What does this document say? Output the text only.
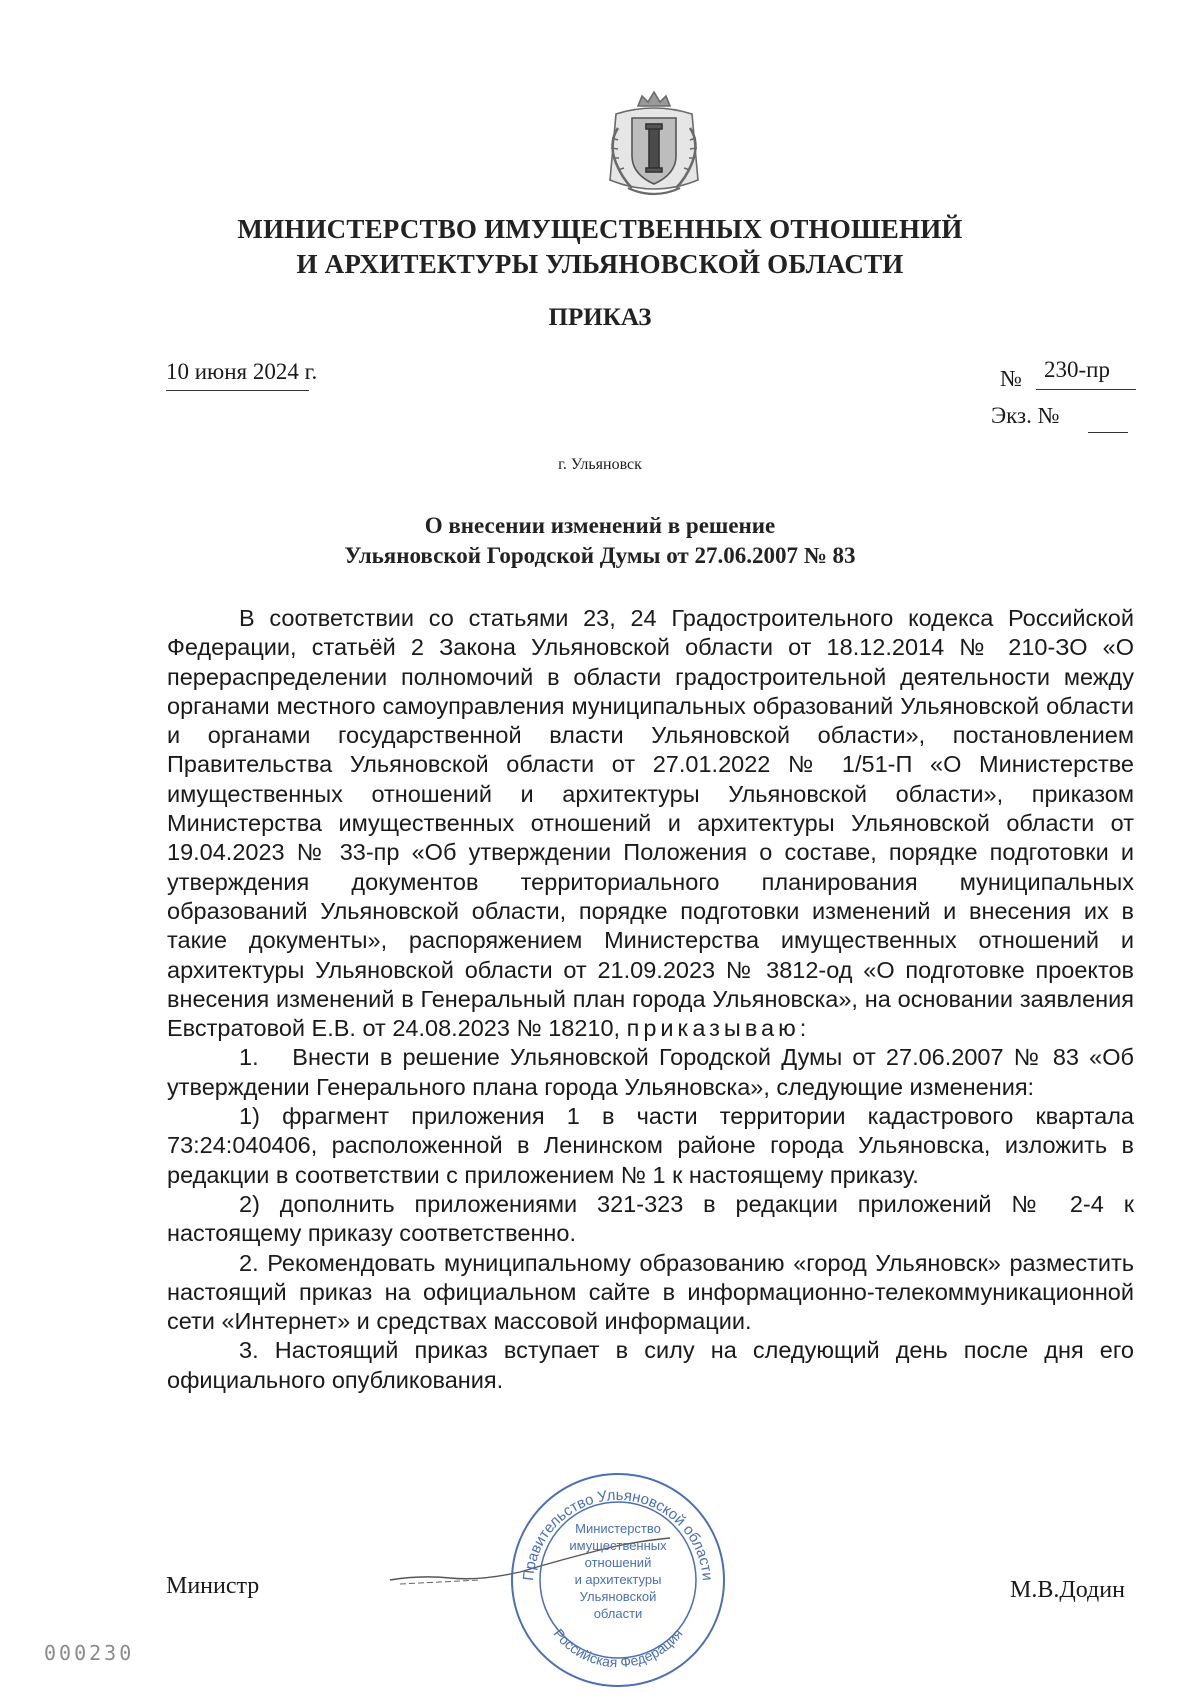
МИНИСТЕРСТВО ИМУЩЕСТВЕННЫХ ОТНОШЕНИЙ
И АРХИТЕКТУРЫ УЛЬЯНОВСКОЙ ОБЛАСТИ
ПРИКАЗ
10 июня 2024 г.	№ 230-пр
Экз. №
г. Ульяновск
О внесении изменений в решение
Ульяновской Городской Думы от 27.06.2007 № 83

В соответствии со статьями 23, 24 Градостроительного кодекса Российской Федерации, статьёй 2 Закона Ульяновской области от 18.12.2014 № 210-ЗО «О перераспределении полномочий в области градостроительной деятельности между органами местного самоуправления муниципальных образований Ульяновской области и органами государственной власти Ульяновской области», постановлением Правительства Ульяновской области от 27.01.2022 № 1/51-П «О Министерстве имущественных отношений и архитектуры Ульяновской области», приказом Министерства имущественных отношений и архитектуры Ульяновской области от 19.04.2023 № 33-пр «Об утверждении Положения о составе, порядке подготовки и утверждения документов территориального планирования муниципальных образований Ульяновской области, порядке подготовки изменений и внесения их в такие документы», распоряжением Министерства имущественных отношений и архитектуры Ульяновской области от 21.09.2023 № 3812-од «О подготовке проектов внесения изменений в Генеральный план города Ульяновска», на основании заявления Евстратовой Е.В. от 24.08.2023 № 18210, приказываю:

1.  Внести в решение Ульяновской Городской Думы от 27.06.2007 № 83 «Об утверждении Генерального плана города Ульяновска», следующие изменения:

1) фрагмент приложения 1 в части территории кадастрового квартала 73:24:040406, расположенной в Ленинском районе города Ульяновска, изложить в редакции в соответствии с приложением № 1 к настоящему приказу.

2) дополнить приложениями 321-323 в редакции приложений № 2-4 к настоящему приказу соответственно.

2. Рекомендовать муниципальному образованию «город Ульяновск» разместить настоящий приказ на официальном сайте в информационно-телекоммуникационной сети «Интернет» и средствах массовой информации.

3. Настоящий приказ вступает в силу на следующий день после дня его официального опубликования.

Министр	Правительство Ульяновской области
Российская Федерация
Министерство
имущественных
отношений
и архитектуры
Ульяновской
области
М.В.Додин
000230
